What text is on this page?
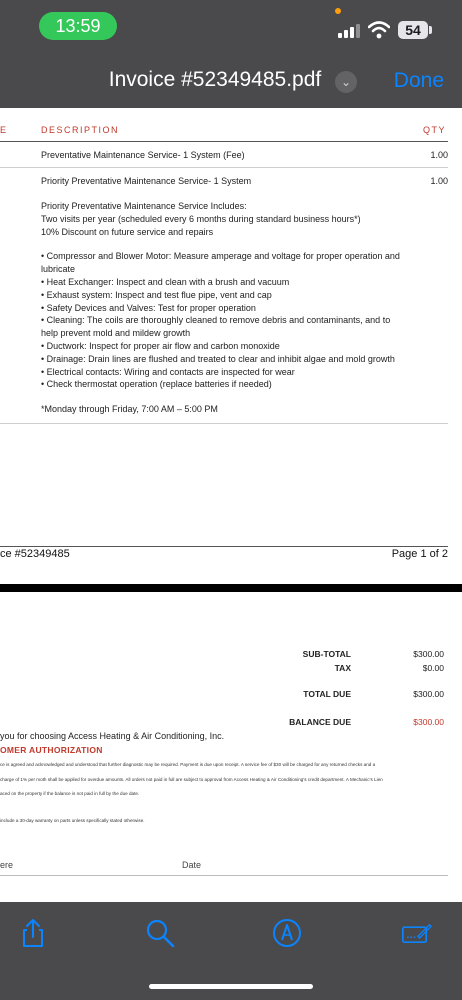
13:59	54
Invoice #52349485.pdf	⌄ Done
E	DESCRIPTION	QTY
Preventative Maintenance Service- 1 System (Fee)	1.00
Priority Preventative Maintenance Service- 1 System	1.00

Priority Preventative Maintenance Service Includes:

Two visits per year (scheduled every 6 months during standard business hours*)

10% Discount on future service and repairs

• Compressor and Blower Motor: Measure amperage and voltage for proper operation and lubricate

• Heat Exchanger: Inspect and clean with a brush and vacuum

• Exhaust system: Inspect and test flue pipe, vent and cap

• Safety Devices and Valves: Test for proper operation

• Cleaning: The coils are thoroughly cleaned to remove debris and contaminants, and to help prevent mold and mildew growth

• Ductwork: Inspect for proper air flow and carbon monoxide

• Drainage: Drain lines are flushed and treated to clear and inhibit algae and mold growth

• Electrical contacts: Wiring and contacts are inspected for wear

• Check thermostat operation (replace batteries if needed)

*Monday through Friday, 7:00 AM – 5:00 PM

ce #52349485	Page 1 of 2
SUB-TOTAL	$300.00
TAX	$0.00
TOTAL DUE	$300.00
BALANCE DUE	$300.00
you for choosing Access Heating & Air Conditioning, Inc.
OMER AUTHORIZATION
ce is agreed and acknowledged and understood that further diagnostic may be required. Payment is due upon receipt. A service fee of $30 will be charged for any returned checks and a
charge of 1% per moth shall be applied for overdue amounts. All orders not paid in full are subject to approval from Access Heating & Air Conditioning's credit department. A Mechanic's Lien
aced on the property if the balance is not paid in full by the due date.
include a 30-day warranty on parts unless specifically stated otherwise.
ere	Date
